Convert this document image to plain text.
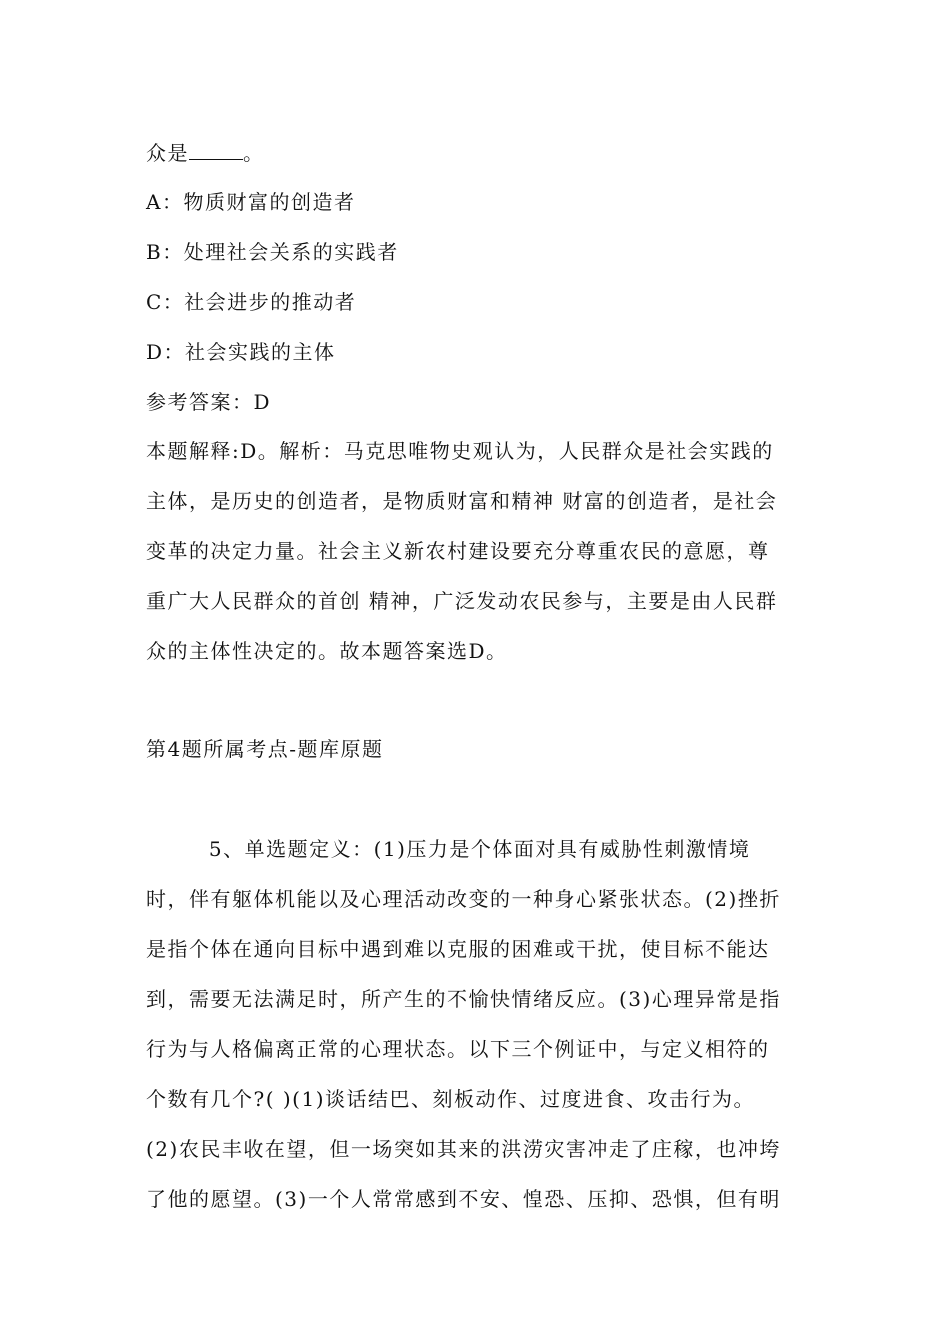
众是	。
A：物质财富的创造者
B：处理社会关系的实践者
C：社会进步的推动者
D：社会实践的主体
参考答案：D
本题解释:D。解析：马克思唯物史观认为，人民群众是社会实践的
主体，是历史的创造者，是物质财富和精神 财富的创造者，是社会
变革的决定力量。社会主义新农村建设要充分尊重农民的意愿，尊
重广大人民群众的首创 精神，广泛发动农民参与，主要是由人民群
众的主体性决定的。故本题答案选D。
第4题所属考点-题库原题
5、单选题定义：(1)压力是个体面对具有威胁性刺激情境
时，伴有躯体机能以及心理活动改变的一种身心紧张状态。(2)挫折
是指个体在通向目标中遇到难以克服的困难或干扰，使目标不能达
到，需要无法满足时，所产生的不愉快情绪反应。(3)心理异常是指
行为与人格偏离正常的心理状态。以下三个例证中，与定义相符的
个数有几个?( )(1)谈话结巴、刻板动作、过度进食、攻击行为。
(2)农民丰收在望，但一场突如其来的洪涝灾害冲走了庄稼，也冲垮
了他的愿望。(3)一个人常常感到不安、惶恐、压抑、恐惧，但有明
